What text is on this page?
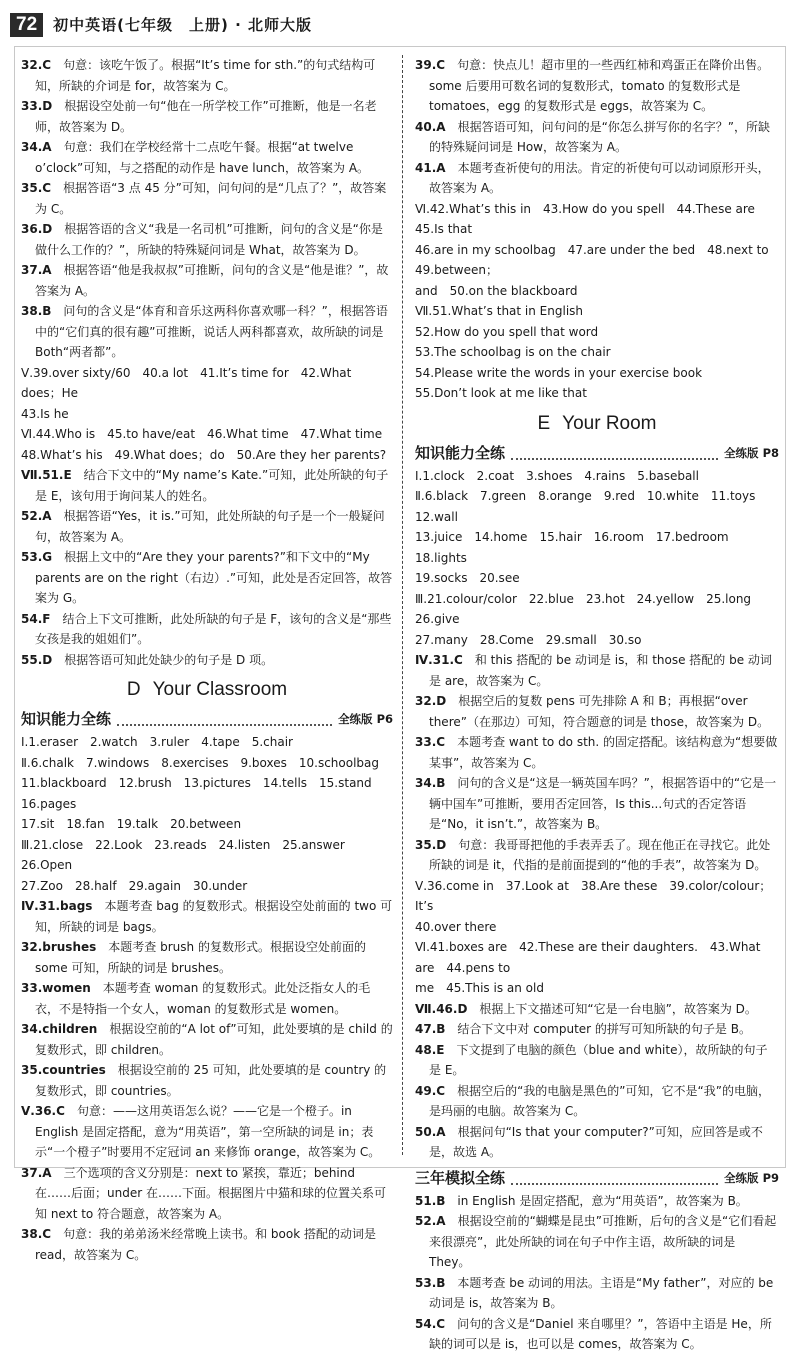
72	初中英语(七年级　上册) · 北师大版

32.C　 句意：该吃午饭了。根据“It’s time for sth.”的句式结构可知，所缺的介词是 for，故答案为 C。

33.D　 根据设空处前一句“他在一所学校工作”可推断，他是一名老师，故答案为 D。

34.A　 句意：我们在学校经常十二点吃午餐。根据“at twelve o’clock”可知，与之搭配的动作是 have lunch，故答案为 A。

35.C　 根据答语“3 点 45 分”可知，问句问的是“几点了？”，故答案为 C。

36.D　 根据答语的含义“我是一名司机”可推断，问句的含义是“你是做什么工作的？”，所缺的特殊疑问词是 What，故答案为 D。

37.A　 根据答语“他是我叔叔”可推断，问句的含义是“他是谁？”，故答案为 A。

38.B　 问句的含义是“体育和音乐这两科你喜欢哪一科？”，根据答语中的“它们真的很有趣”可推断，说话人两科都喜欢，故所缺的词是 Both“两者都”。

Ⅴ.39.over sixty/60　40.a lot　41.It’s time for　42.What does；He

43.Is he

Ⅵ.44.Who is　45.to have/eat　46.What time　47.What time

48.What’s his　49.What does；do　50.Are they her parents?

Ⅶ.51.E　 结合下文中的“My name’s Kate.”可知，此处所缺的句子是 E，该句用于询问某人的姓名。

52.A　 根据答语“Yes，it is.”可知，此处所缺的句子是一个一般疑问句，故答案为 A。

53.G　 根据上文中的“Are they your parents?”和下文中的“My parents are on the right（右边）.”可知，此处是否定回答，故答案为 G。

54.F　 结合上下文可推断，此处所缺的句子是 F，该句的含义是“那些女孩是我的姐姐们”。

55.D　 根据答语可知此处缺少的句子是 D 项。

D Your Classroom
知识能力全练	全练版 P6

Ⅰ.1.eraser　2.watch　3.ruler　4.tape　5.chair

Ⅱ.6.chalk　7.windows　8.exercises　9.boxes　10.schoolbag

11.blackboard　12.brush　13.pictures　14.tells　15.stand　16.pages

17.sit　18.fan　19.talk　20.between

Ⅲ.21.close　22.Look　23.reads　24.listen　25.answer　26.Open

27.Zoo　28.half　29.again　30.under

Ⅳ.31.bags　 本题考查 bag 的复数形式。根据设空处前面的 two 可知，所缺的词是 bags。

32.brushes　 本题考查 brush 的复数形式。根据设空处前面的 some 可知，所缺的词是 brushes。

33.women　 本题考查 woman 的复数形式。此处泛指女人的毛衣，不是特指一个女人，woman 的复数形式是 women。

34.children　 根据设空前的“A lot of”可知，此处要填的是 child 的复数形式，即 children。

35.countries　 根据设空前的 25 可知，此处要填的是 country 的复数形式，即 countries。

Ⅴ.36.C　 句意：——这用英语怎么说？——它是一个橙子。in English 是固定搭配，意为“用英语”，第一空所缺的词是 in；表示“一个橙子”时要用不定冠词 an 来修饰 orange，故答案为 C。

37.A　 三个选项的含义分别是：next to 紧挨，靠近；behind 在……后面；under 在……下面。根据图片中猫和球的位置关系可知 next to 符合题意，故答案为 A。

38.C　 句意：我的弟弟汤米经常晚上读书。和 book 搭配的动词是 read，故答案为 C。

39.C　 句意：快点儿！超市里的一些西红柿和鸡蛋正在降价出售。some 后要用可数名词的复数形式，tomato 的复数形式是 tomatoes，egg 的复数形式是 eggs，故答案为 C。

40.A　 根据答语可知，问句问的是“你怎么拼写你的名字？”，所缺的特殊疑问词是 How，故答案为 A。

41.A　 本题考查祈使句的用法。肯定的祈使句可以动词原形开头，故答案为 A。

Ⅵ.42.What’s this in　43.How do you spell　44.These are　45.Is that

46.are in my schoolbag　47.are under the bed　48.next to　49.between；

and　50.on the blackboard

Ⅶ.51.What’s that in English

52.How do you spell that word

53.The schoolbag is on the chair

54.Please write the words in your exercise book

55.Don’t look at me like that

E Your Room
知识能力全练	全练版 P8

Ⅰ.1.clock　2.coat　3.shoes　4.rains　5.baseball

Ⅱ.6.black　7.green　8.orange　9.red　10.white　11.toys　12.wall

13.juice　14.home　15.hair　16.room　17.bedroom　18.lights

19.socks　20.see

Ⅲ.21.colour/color　22.blue　23.hot　24.yellow　25.long　26.give

27.many　28.Come　29.small　30.so

Ⅳ.31.C　 和 this 搭配的 be 动词是 is，和 those 搭配的 be 动词是 are，故答案为 C。

32.D　 根据空后的复数 pens 可先排除 A 和 B；再根据“over there”（在那边）可知，符合题意的词是 those，故答案为 D。

33.C　 本题考查 want to do sth. 的固定搭配。该结构意为“想要做某事”，故答案为 C。

34.B　 问句的含义是“这是一辆英国车吗？”，根据答语中的“它是一辆中国车”可推断，要用否定回答，Is this...句式的否定答语是“No，it isn’t.”，故答案为 B。

35.D　 句意：我哥哥把他的手表弄丢了。现在他正在寻找它。此处所缺的词是 it，代指的是前面提到的“他的手表”，故答案为 D。

Ⅴ.36.come in　37.Look at　38.Are these　39.color/colour；It’s

40.over there

Ⅵ.41.boxes are　42.These are their daughters.　43.What are　44.pens to

me　45.This is an old

Ⅶ.46.D　 根据上下文描述可知“它是一台电脑”，故答案为 D。

47.B　 结合下文中对 computer 的拼写可知所缺的句子是 B。

48.E　 下文提到了电脑的颜色（blue and white），故所缺的句子是 E。

49.C　 根据空后的“我的电脑是黑色的”可知，它不是“我”的电脑，是玛丽的电脑。故答案为 C。

50.A　 根据问句“Is that your computer?”可知，应回答是或不是，故选 A。

三年模拟全练	全练版 P9

51.B　 in English 是固定搭配，意为“用英语”，故答案为 B。

52.A　 根据设空前的“蝴蝶是昆虫”可推断，后句的含义是“它们看起来很漂亮”，此处所缺的词在句子中作主语，故所缺的词是 They。

53.B　 本题考查 be 动词的用法。主语是“My father”，对应的 be 动词是 is，故答案为 B。

54.C　 问句的含义是“Daniel 来自哪里？”，答语中主语是 He，所缺的词可以是 is，也可以是 comes，故答案为 C。
